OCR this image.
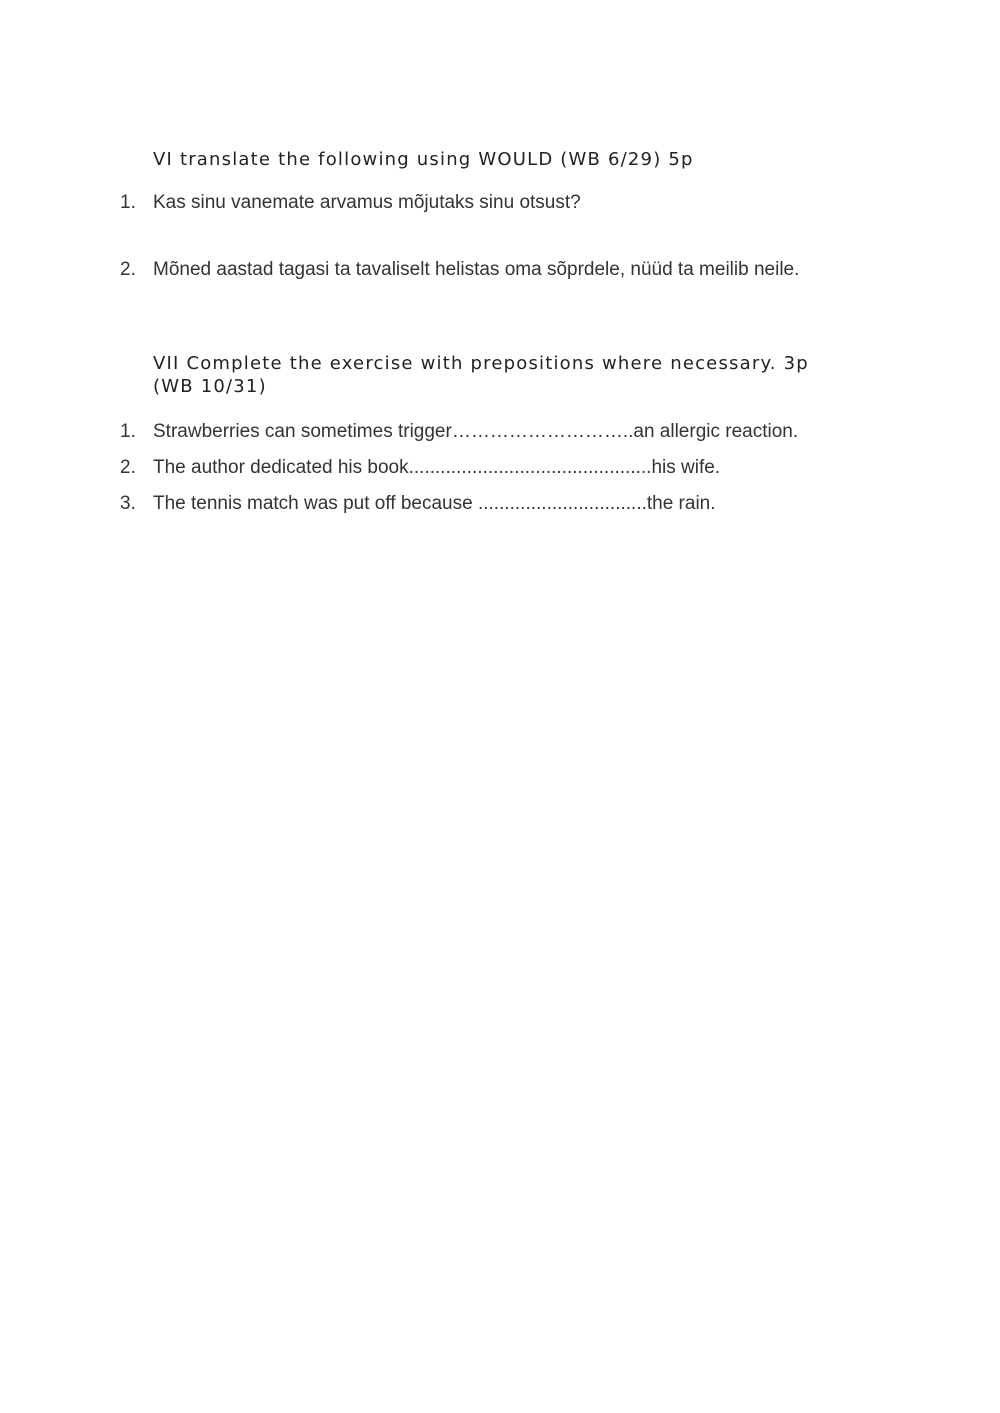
VI translate the following using WOULD (WB 6/29) 5p
1. Kas sinu vanemate arvamus mõjutaks sinu otsust?
2. Mõned aastad tagasi ta tavaliselt helistas oma sõprdele, nüüd ta meilib neile.
VII Complete the exercise with prepositions where necessary. 3p
(WB 10/31)
1. Strawberries can sometimes trigger………………………..an allergic reaction.
2. The author dedicated his book..............................................his wife.
3. The tennis match was put off because ................................the rain.
